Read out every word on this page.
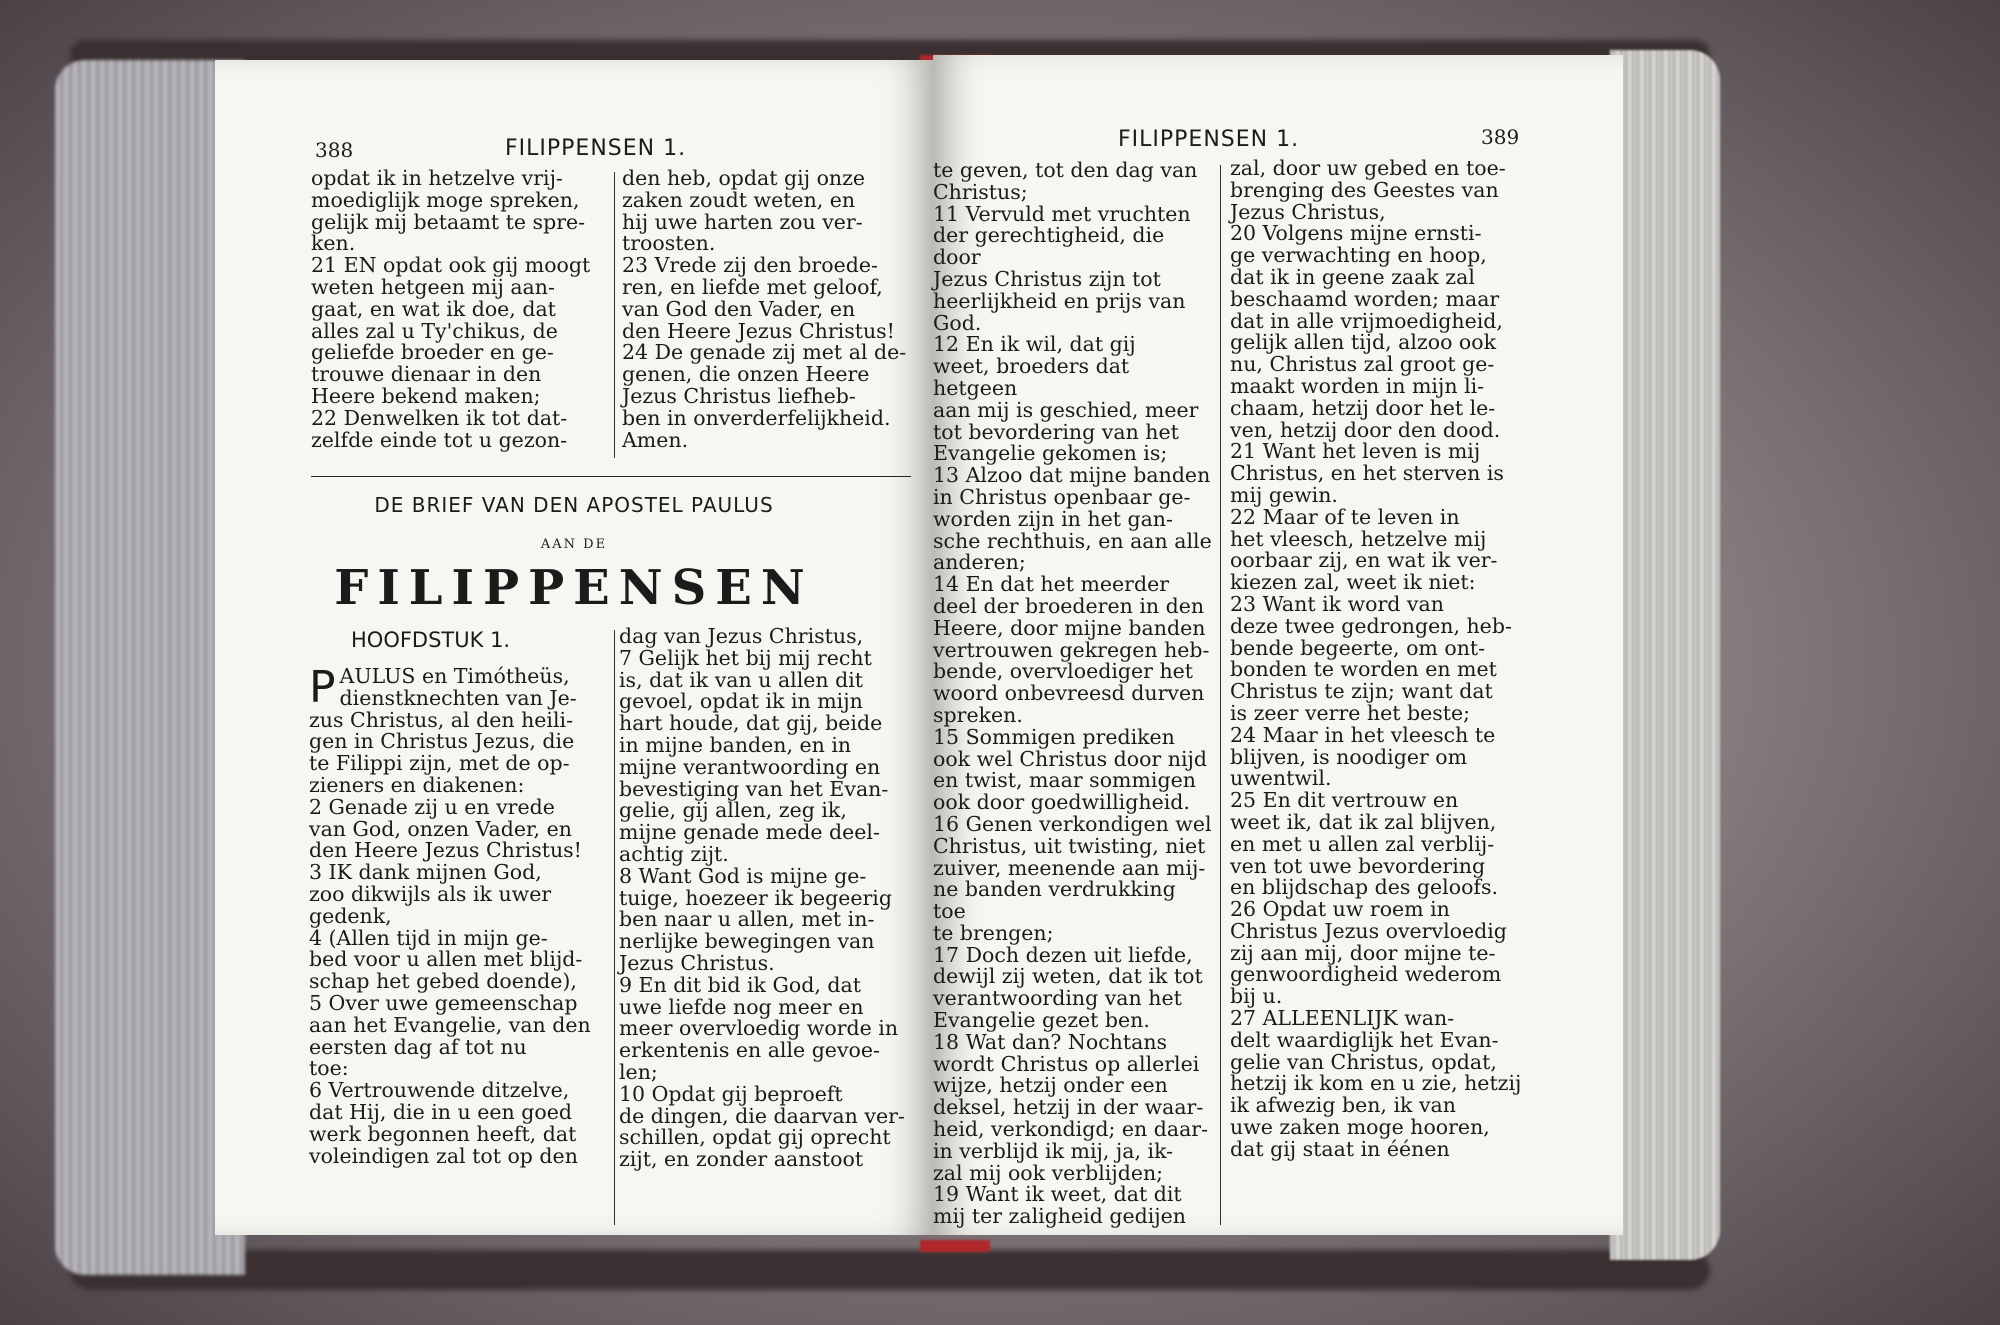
388	FILIPPENSEN 1.

opdat ik in hetzelve vrij-

moediglijk moge spreken,

gelijk mij betaamt te spre-

ken.

21 EN opdat ook gij moogt

weten hetgeen mij aan-

gaat, en wat ik doe, dat

alles zal u Ty'chikus, de

geliefde broeder en ge-

trouwe dienaar in den

Heere bekend maken;

22 Denwelken ik tot dat-

zelfde einde tot u gezon-

den heb, opdat gij onze

zaken zoudt weten, en

hij uwe harten zou ver-

troosten.

23 Vrede zij den broede-

ren, en liefde met geloof,

van God den Vader, en

den Heere Jezus Christus!

24 De genade zij met al de-

genen, die onzen Heere

Jezus Christus liefheb-

ben in onverderfelijkheid.

Amen.

DE BRIEF VAN DEN APOSTEL PAULUS
AAN DE
FILIPPENSEN
HOOFDSTUK 1.
P AULUS en Timótheüs,

dienstknechten van Je-

zus Christus, al den heili-

gen in Christus Jezus, die

te Filippi zijn, met de op-

zieners en diakenen:

2 Genade zij u en vrede

van God, onzen Vader, en

den Heere Jezus Christus!

3 IK dank mijnen God,

zoo dikwijls als ik uwer

gedenk,

4 (Allen tijd in mijn ge-

bed voor u allen met blijd-

schap het gebed doende),

5 Over uwe gemeenschap

aan het Evangelie, van den

eersten dag af tot nu

toe:

6 Vertrouwende ditzelve,

dat Hij, die in u een goed

werk begonnen heeft, dat

voleindigen zal tot op den

dag van Jezus Christus,

7 Gelijk het bij mij recht

is, dat ik van u allen dit

gevoel, opdat ik in mijn

hart houde, dat gij, beide

in mijne banden, en in

mijne verantwoording en

bevestiging van het Evan-

gelie, gij allen, zeg ik,

mijne genade mede deel-

achtig zijt.

8 Want God is mijne ge-

tuige, hoezeer ik begeerig

ben naar u allen, met in-

nerlijke bewegingen van

Jezus Christus.

9 En dit bid ik God, dat

uwe liefde nog meer en

meer overvloedig worde in

erkentenis en alle gevoe-

len;

10 Opdat gij beproeft

de dingen, die daarvan ver-

schillen, opdat gij oprecht

zijt, en zonder aanstoot

FILIPPENSEN 1.	389

te geven, tot den dag van

Christus;

11 Vervuld met vruchten

der gerechtigheid, die door

Jezus Christus zijn tot

heerlijkheid en prijs van

God.

12 En ik wil, dat gij

weet, broeders dat hetgeen

aan mij is geschied, meer

tot bevordering van het

Evangelie gekomen is;

13 Alzoo dat mijne banden

in Christus openbaar ge-

worden zijn in het gan-

sche rechthuis, en aan alle

anderen;

14 En dat het meerder

deel der broederen in den

Heere, door mijne banden

vertrouwen gekregen heb-

bende, overvloediger het

woord onbevreesd durven

spreken.

15 Sommigen prediken

ook wel Christus door nijd

en twist, maar sommigen

ook door goedwilligheid.

16 Genen verkondigen wel

Christus, uit twisting, niet

zuiver, meenende aan mij-

ne banden verdrukking toe

te brengen;

17 Doch dezen uit liefde,

dewijl zij weten, dat ik tot

verantwoording van het

Evangelie gezet ben.

18 Wat dan? Nochtans

wordt Christus op allerlei

wijze, hetzij onder een

deksel, hetzij in der waar-

heid, verkondigd; en daar-

in verblijd ik mij, ja, ik-

zal mij ook verblijden;

19 Want ik weet, dat dit

mij ter zaligheid gedijen

zal, door uw gebed en toe-

brenging des Geestes van

Jezus Christus,

20 Volgens mijne ernsti-

ge verwachting en hoop,

dat ik in geene zaak zal

beschaamd worden; maar

dat in alle vrijmoedigheid,

gelijk allen tijd, alzoo ook

nu, Christus zal groot ge-

maakt worden in mijn li-

chaam, hetzij door het le-

ven, hetzij door den dood.

21 Want het leven is mij

Christus, en het sterven is

mij gewin.

22 Maar of te leven in

het vleesch, hetzelve mij

oorbaar zij, en wat ik ver-

kiezen zal, weet ik niet:

23 Want ik word van

deze twee gedrongen, heb-

bende begeerte, om ont-

bonden te worden en met

Christus te zijn; want dat

is zeer verre het beste;

24 Maar in het vleesch te

blijven, is noodiger om

uwentwil.

25 En dit vertrouw en

weet ik, dat ik zal blijven,

en met u allen zal verblij-

ven tot uwe bevordering

en blijdschap des geloofs.

26 Opdat uw roem in

Christus Jezus overvloedig

zij aan mij, door mijne te-

genwoordigheid wederom

bij u.

27 ALLEENLIJK wan-

delt waardiglijk het Evan-

gelie van Christus, opdat,

hetzij ik kom en u zie, hetzij

ik afwezig ben, ik van

uwe zaken moge hooren,

dat gij staat in éénen
